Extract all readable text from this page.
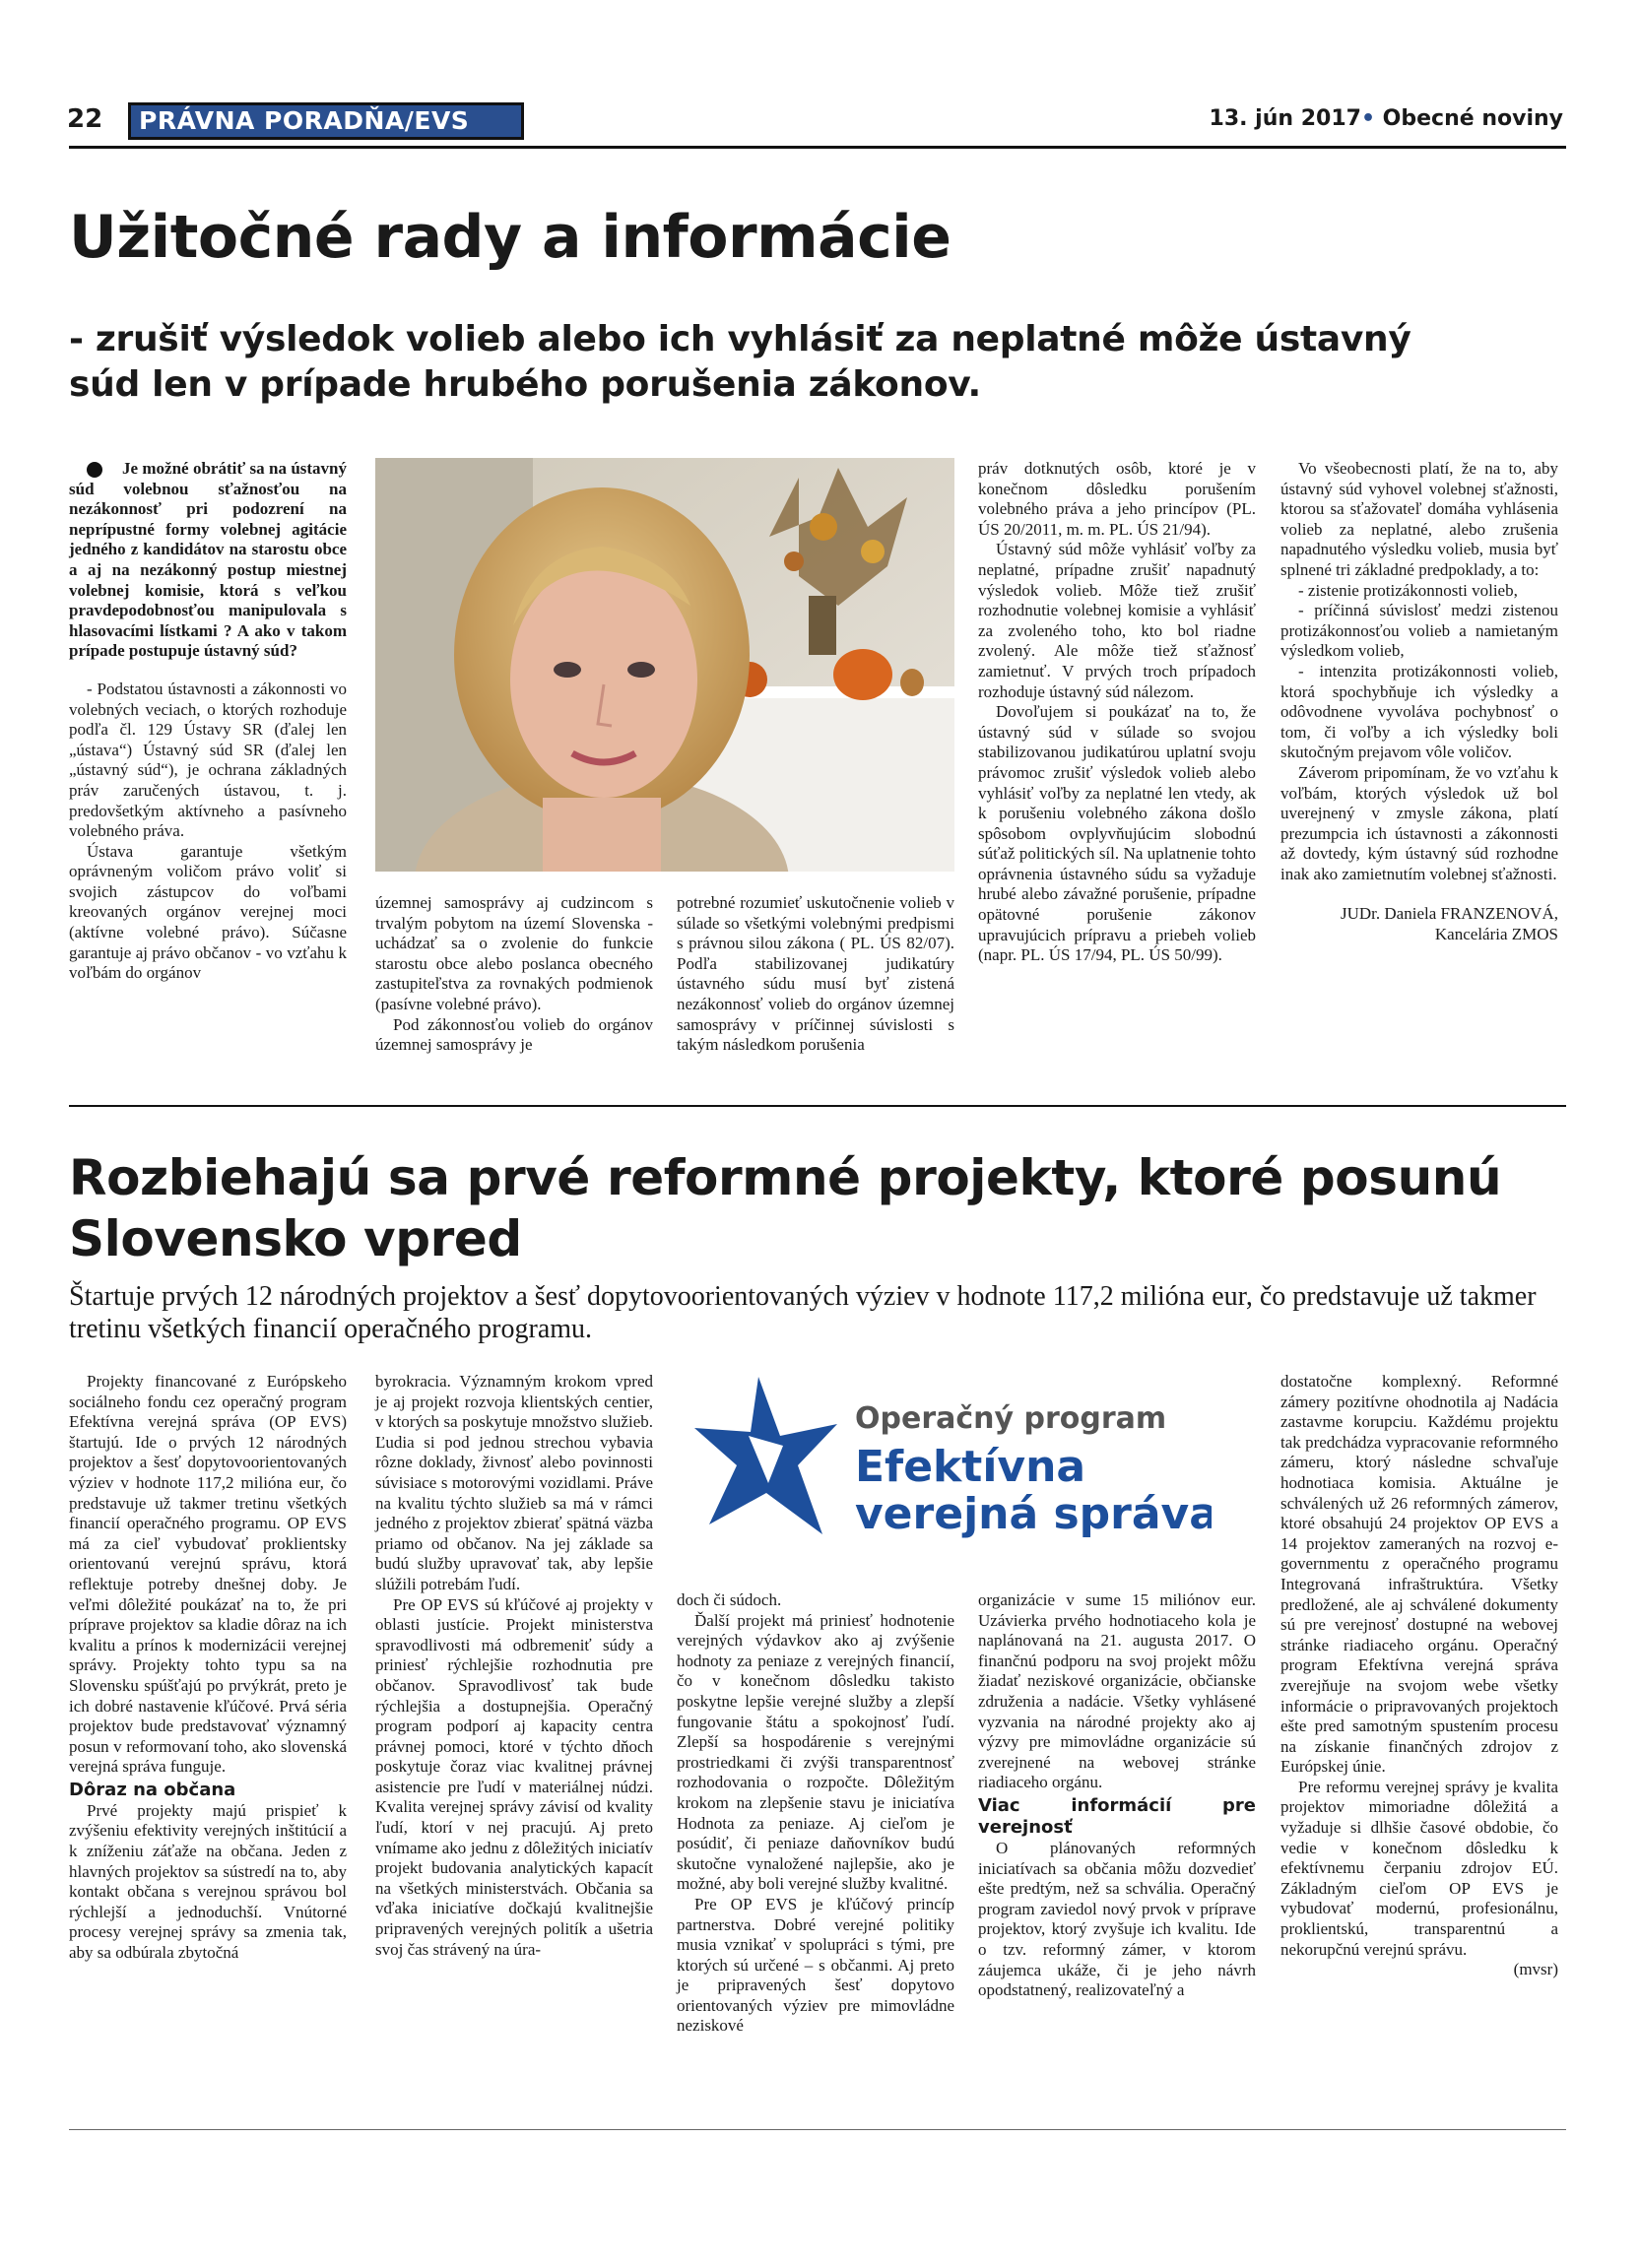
22	PRÁVNA PORADŇA/EVS	13. jún 2017• Obecné noviny
Užitočné rady a informácie
- zrušiť výsledok volieb alebo ich vyhlásiť za neplatné môže ústavný súd len v prípade hrubého porušenia zákonov.

Je možné obrátiť sa na ústavný súd volebnou sťažnosťou na nezákonnosť pri podozrení na neprípustné formy volebnej agitácie jedného z kandidátov na starostu obce a aj na nezákonný postup miestnej volebnej komisie, ktorá s veľkou pravdepodobnosťou manipulovala s hlasovacími lístkami ? A ako v takom prípade postupuje ústavný súd?

- Podstatou ústavnosti a zákonnosti vo volebných veciach, o ktorých rozhoduje podľa čl. 129 Ústavy SR (ďalej len „ústava“) Ústavný súd SR (ďalej len „ústavný súd“), je ochrana základných práv zaručených ústavou, t. j. predovšetkým aktívneho a pasívneho volebného práva.

Ústava garantuje všetkým oprávneným voličom právo voliť si svojich zástupcov do voľbami kreovaných orgánov verejnej moci (aktívne volebné právo). Súčasne garantuje aj právo občanov - vo vzťahu k voľbám do orgánov

územnej samosprávy aj cudzincom s trvalým pobytom na území Slovenska - uchádzať sa o zvolenie do funkcie starostu obce alebo poslanca obecného zastupiteľstva za rovnakých podmienok (pasívne volebné právo).

Pod zákonnosťou volieb do orgánov územnej samosprávy je

potrebné rozumieť uskutočnenie volieb v súlade so všetkými volebnými predpismi s právnou silou zákona ( PL. ÚS 82/07). Podľa stabilizovanej judikatúry ústavného súdu musí byť zistená nezákonnosť volieb do orgánov územnej samosprávy v príčinnej súvislosti s takým následkom porušenia

práv dotknutých osôb, ktoré je v konečnom dôsledku porušením volebného práva a jeho princípov (PL. ÚS 20/2011, m. m. PL. ÚS 21/94).

Ústavný súd môže vyhlásiť voľby za neplatné, prípadne zrušiť napadnutý výsledok volieb. Môže tiež zrušiť rozhodnutie volebnej komisie a vyhlásiť za zvoleného toho, kto bol riadne zvolený. Ale môže tiež sťažnosť zamietnuť. V prvých troch prípadoch rozhoduje ústavný súd nálezom.

Dovoľujem si poukázať na to, že ústavný súd v súlade so svojou stabilizovanou judikatúrou uplatní svoju právomoc zrušiť výsledok volieb alebo vyhlásiť voľby za neplatné len vtedy, ak k porušeniu volebného zákona došlo spôsobom ovplyvňujúcim slobodnú súťaž politických síl. Na uplatnenie tohto oprávnenia ústavného súdu sa vyžaduje hrubé alebo závažné porušenie, prípadne opätovné porušenie zákonov upravujúcich prípravu a priebeh volieb (napr. PL. ÚS 17/94, PL. ÚS 50/99).

Vo všeobecnosti platí, že na to, aby ústavný súd vyhovel volebnej sťažnosti, ktorou sa sťažovateľ domáha vyhlásenia volieb za neplatné, alebo zrušenia napadnutého výsledku volieb, musia byť splnené tri základné predpoklady, a to:

- zistenie protizákonnosti volieb,

- príčinná súvislosť medzi zistenou protizákonnosťou volieb a namietaným výsledkom volieb,

- intenzita protizákonnosti volieb, ktorá spochybňuje ich výsledky a odôvodnene vyvoláva pochybnosť o tom, či voľby a ich výsledky boli skutočným prejavom vôle voličov.

Záverom pripomínam, že vo vzťahu k voľbám, ktorých výsledok už bol uverejnený v zmysle zákona, platí prezumpcia ich ústavnosti a zákonnosti až dovtedy, kým ústavný súd rozhodne inak ako zamietnutím volebnej sťažnosti.

JUDr. Daniela FRANZENOVÁ,

Kancelária ZMOS

Rozbiehajú sa prvé reformné projekty, ktoré posunú Slovensko vpred
Štartuje prvých 12 národných projektov a šesť dopytovoorientovaných výziev v hodnote 117,2 milióna eur, čo predstavuje už takmer tretinu všetkých financií operačného programu.
Operačný program
Efektívna
verejná správa

Projekty financované z Európskeho sociálneho fondu cez operačný program Efektívna verejná správa (OP EVS) štartujú. Ide o prvých 12 národných projektov a šesť dopytovoorientovaných výziev v hodnote 117,2 milióna eur, čo predstavuje už takmer tretinu všetkých financií operačného programu. OP EVS má za cieľ vybudovať proklientsky orientovanú verejnú správu, ktorá reflektuje potreby dnešnej doby. Je veľmi dôležité poukázať na to, že pri príprave projektov sa kladie dôraz na ich kvalitu a prínos k modernizácii verejnej správy. Projekty tohto typu sa na Slovensku spúšťajú po prvýkrát, preto je ich dobré nastavenie kľúčové. Prvá séria projektov bude predstavovať významný posun v reformovaní toho, ako slovenská verejná správa funguje.

Dôraz na občana

Prvé projekty majú prispieť k zvýšeniu efektivity verejných inštitúcií a k zníženiu záťaže na občana. Jeden z hlavných projektov sa sústredí na to, aby kontakt občana s verejnou správou bol rýchlejší a jednoduchší. Vnútorné procesy verejnej správy sa zmenia tak, aby sa odbúrala zbytočná

byrokracia. Významným krokom vpred je aj projekt rozvoja klientských centier, v ktorých sa poskytuje množstvo služieb. Ľudia si pod jednou strechou vybavia rôzne doklady, živnosť alebo povinnosti súvisiace s motorovými vozidlami. Práve na kvalitu týchto služieb sa má v rámci jedného z projektov zbierať spätná väzba priamo od občanov. Na jej základe sa budú služby upravovať tak, aby lepšie slúžili potrebám ľudí.

Pre OP EVS sú kľúčové aj projekty v oblasti justície. Projekt ministerstva spravodlivosti má odbremeniť súdy a priniesť rýchlejšie rozhodnutia pre občanov. Spravodlivosť tak bude rýchlejšia a dostupnejšia. Operačný program podporí aj kapacity centra právnej pomoci, ktoré v týchto dňoch poskytuje čoraz viac kvalitnej právnej asistencie pre ľudí v materiálnej núdzi. Kvalita verejnej správy závisí od kvality ľudí, ktorí v nej pracujú. Aj preto vnímame ako jednu z dôležitých iniciatív projekt budovania analytických kapacít na všetkých ministerstvách. Občania sa vďaka iniciatíve dočkajú kvalitnejšie pripravených verejných politík a ušetria svoj čas strávený na úra-

doch či súdoch.

Ďalší projekt má priniesť hodnotenie verejných výdavkov ako aj zvýšenie hodnoty za peniaze z verejných financií, čo v konečnom dôsledku takisto poskytne lepšie verejné služby a zlepší fungovanie štátu a spokojnosť ľudí. Zlepší sa hospodárenie s verejnými prostriedkami či zvýši transparentnosť rozhodovania o rozpočte. Dôležitým krokom na zlepšenie stavu je iniciatíva Hodnota za peniaze. Aj cieľom je posúdiť, či peniaze daňovníkov budú skutočne vynaložené najlepšie, ako je možné, aby boli verejné služby kvalitné.

Pre OP EVS je kľúčový princíp partnerstva. Dobré verejné politiky musia vznikať v spolupráci s tými, pre ktorých sú určené – s občanmi. Aj preto je pripravených šesť dopytovo orientovaných výziev pre mimovládne neziskové

organizácie v sume 15 miliónov eur. Uzávierka prvého hodnotiaceho kola je naplánovaná na 21. augusta 2017. O finančnú podporu na svoj projekt môžu žiadať neziskové organizácie, občianske združenia a nadácie. Všetky vyhlásené vyzvania na národné projekty ako aj výzvy pre mimovládne organizácie sú zverejnené na webovej stránke riadiaceho orgánu.

Viac informácií pre verejnosť

O plánovaných reformných iniciatívach sa občania môžu dozvedieť ešte predtým, než sa schvália. Operačný program zaviedol nový prvok v príprave projektov, ktorý zvyšuje ich kvalitu. Ide o tzv. reformný zámer, v ktorom záujemca ukáže, či je jeho návrh opodstatnený, realizovateľný a

dostatočne komplexný. Reformné zámery pozitívne ohodnotila aj Nadácia zastavme korupciu. Každému projektu tak predchádza vypracovanie reformného zámeru, ktorý následne schvaľuje hodnotiaca komisia. Aktuálne je schválených už 26 reformných zámerov, ktoré obsahujú 24 projektov OP EVS a 14 projektov zameraných na rozvoj e-governmentu z operačného programu Integrovaná infraštruktúra. Všetky predložené, ale aj schválené dokumenty sú pre verejnosť dostupné na webovej stránke riadiaceho orgánu. Operačný program Efektívna verejná správa zverejňuje na svojom webe všetky informácie o pripravovaných projektoch ešte pred samotným spustením procesu na získanie finančných zdrojov z Európskej únie.

Pre reformu verejnej správy je kvalita projektov mimoriadne dôležitá a vyžaduje si dlhšie časové obdobie, čo vedie v konečnom dôsledku k efektívnemu čerpaniu zdrojov EÚ. Základným cieľom OP EVS je vybudovať modernú, profesionálnu, proklientskú, transparentnú a nekorupčnú verejnú správu.

(mvsr)
